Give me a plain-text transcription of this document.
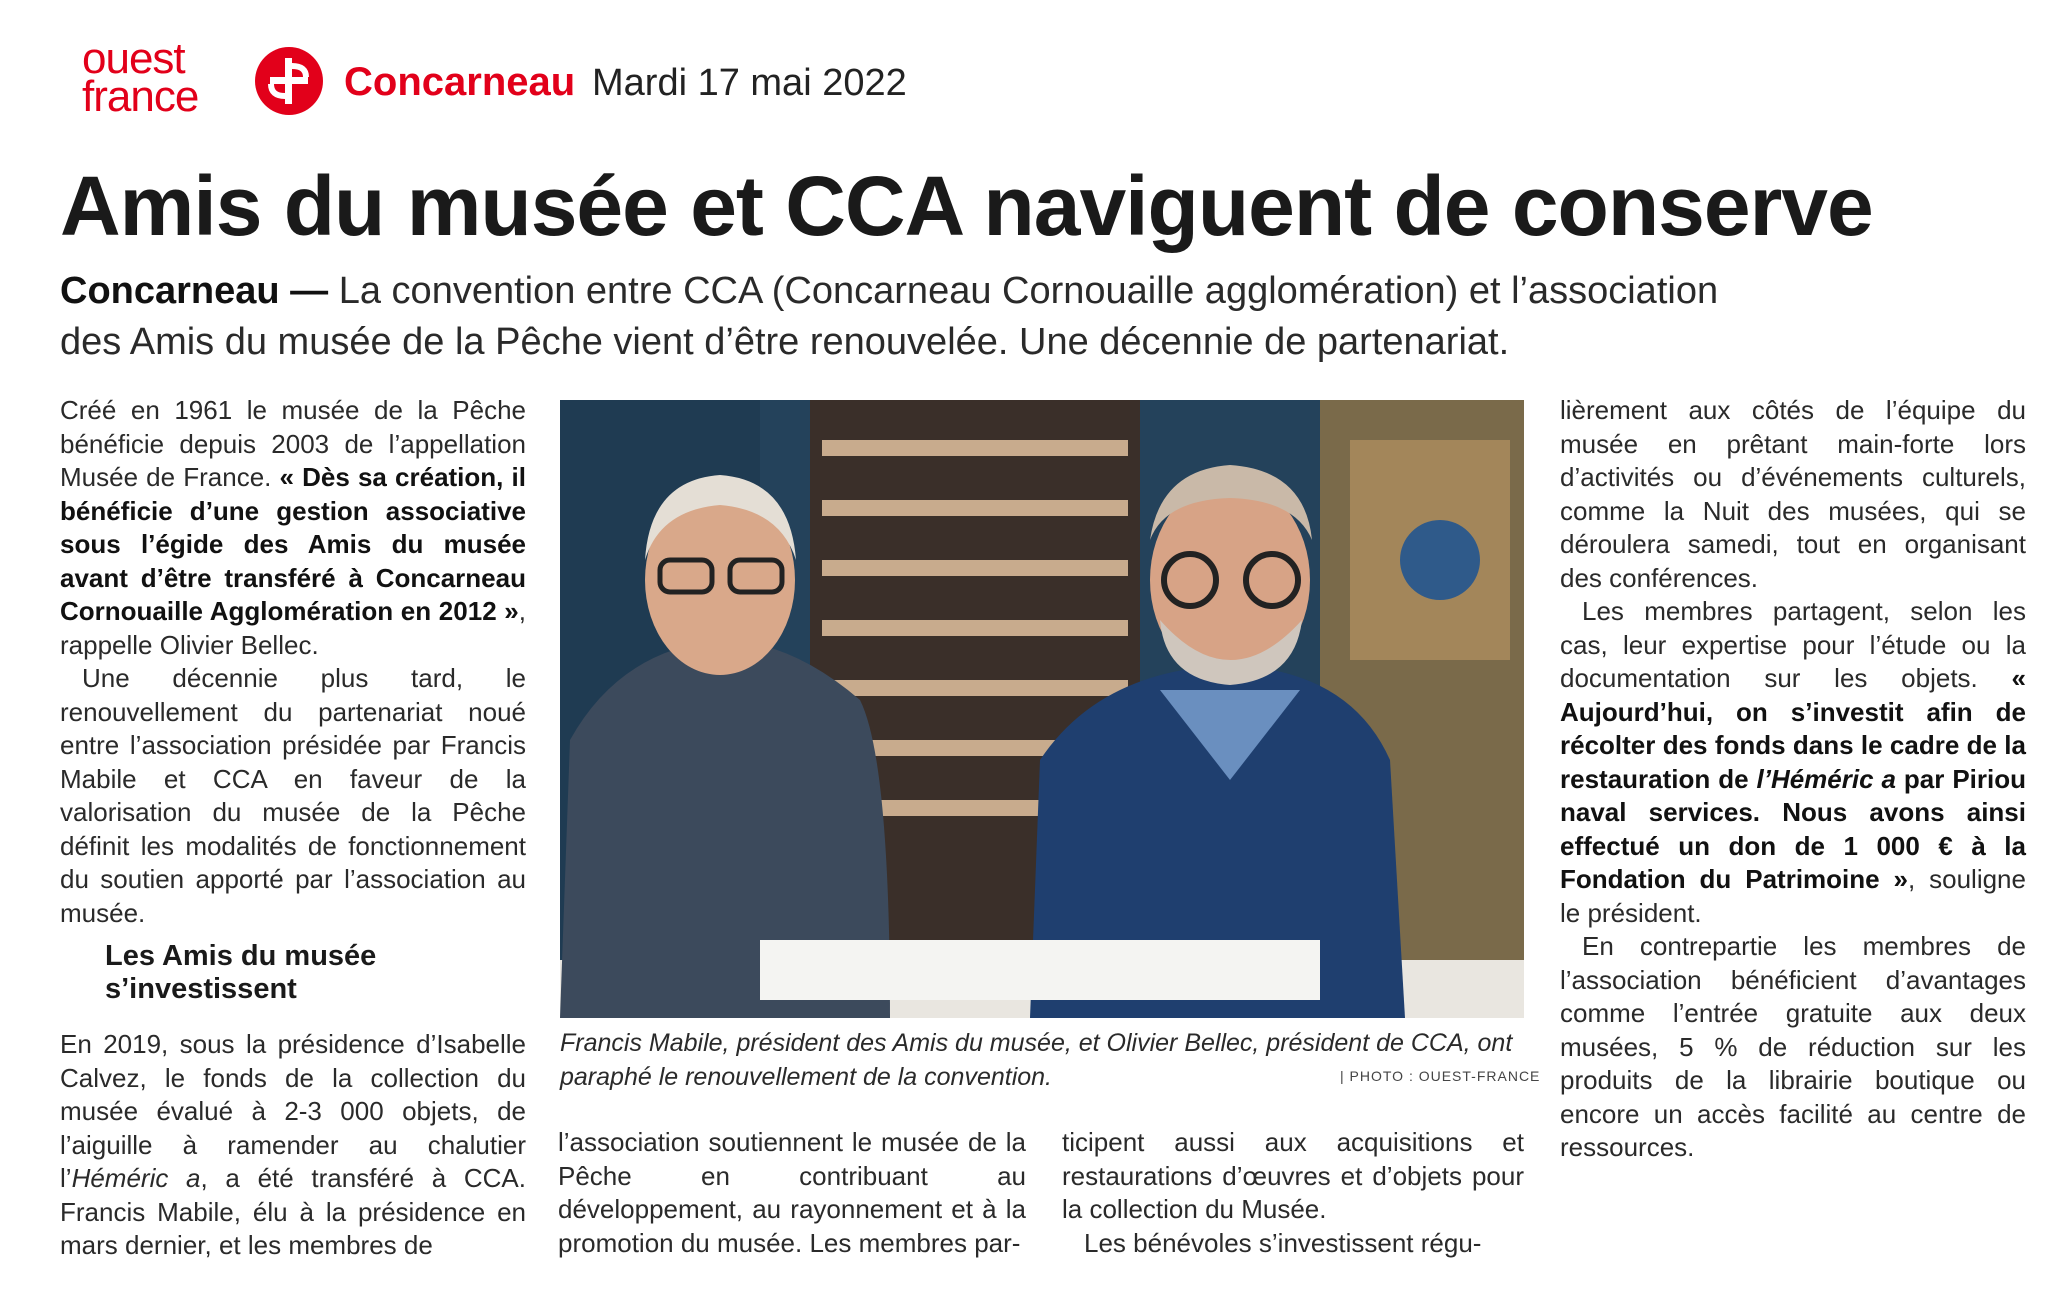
ouest
france	Concarneau Mardi 17 mai 2022
Amis du musée et CCA naviguent de conserve

Concarneau — La convention entre CCA (Concarneau Cornouaille agglomération) et l’association des Amis du musée de la Pêche vient d’être renouvelée. Une décennie de partenariat.

Créé en 1961 le musée de la Pêche bénéficie depuis 2003 de l’appellation Musée de France. « Dès sa création, il bénéficie d’une gestion associative sous l’égide des Amis du musée avant d’être transféré à Concarneau Cornouaille Agglomération en 2012 », rappelle Olivier Bellec.

Une décennie plus tard, le renouvellement du partenariat noué entre l’association présidée par Francis Mabile et CCA en faveur de la valorisation du musée de la Pêche définit les modalités de fonctionnement du soutien apporté par l’association au musée.

Les Amis du musée s’investissent

En 2019, sous la présidence d’Isabelle Calvez, le fonds de la collection du musée évalué à 2-3 000 objets, de l’aiguille à ramender au chalutier l’Héméric a, a été transféré à CCA. Francis Mabile, élu à la présidence en mars dernier, et les membres de

Francis Mabile, président des Amis du musée, et Olivier Bellec, président de CCA, ont paraphé le renouvellement de la convention.	| PHOTO : OUEST-FRANCE

l’association soutiennent le musée de la Pêche en contribuant au développement, au rayonnement et à la promotion du musée. Les membres par-

ticipent aussi aux acquisitions et restaurations d’œuvres et d’objets pour la collection du Musée.

Les bénévoles s’investissent régu-

lièrement aux côtés de l’équipe du musée en prêtant main-forte lors d’activités ou d’événements culturels, comme la Nuit des musées, qui se déroulera samedi, tout en organisant des conférences.

Les membres partagent, selon les cas, leur expertise pour l’étude ou la documentation sur les objets. « Aujourd’hui, on s’investit afin de récolter des fonds dans le cadre de la restauration de l’Héméric a par Piriou naval services. Nous avons ainsi effectué un don de 1 000 € à la Fondation du Patrimoine », souligne le président.

En contrepartie les membres de l’association bénéficient d’avantages comme l’entrée gratuite aux deux musées, 5 % de réduction sur les produits de la librairie boutique ou encore un accès facilité au centre de ressources.
